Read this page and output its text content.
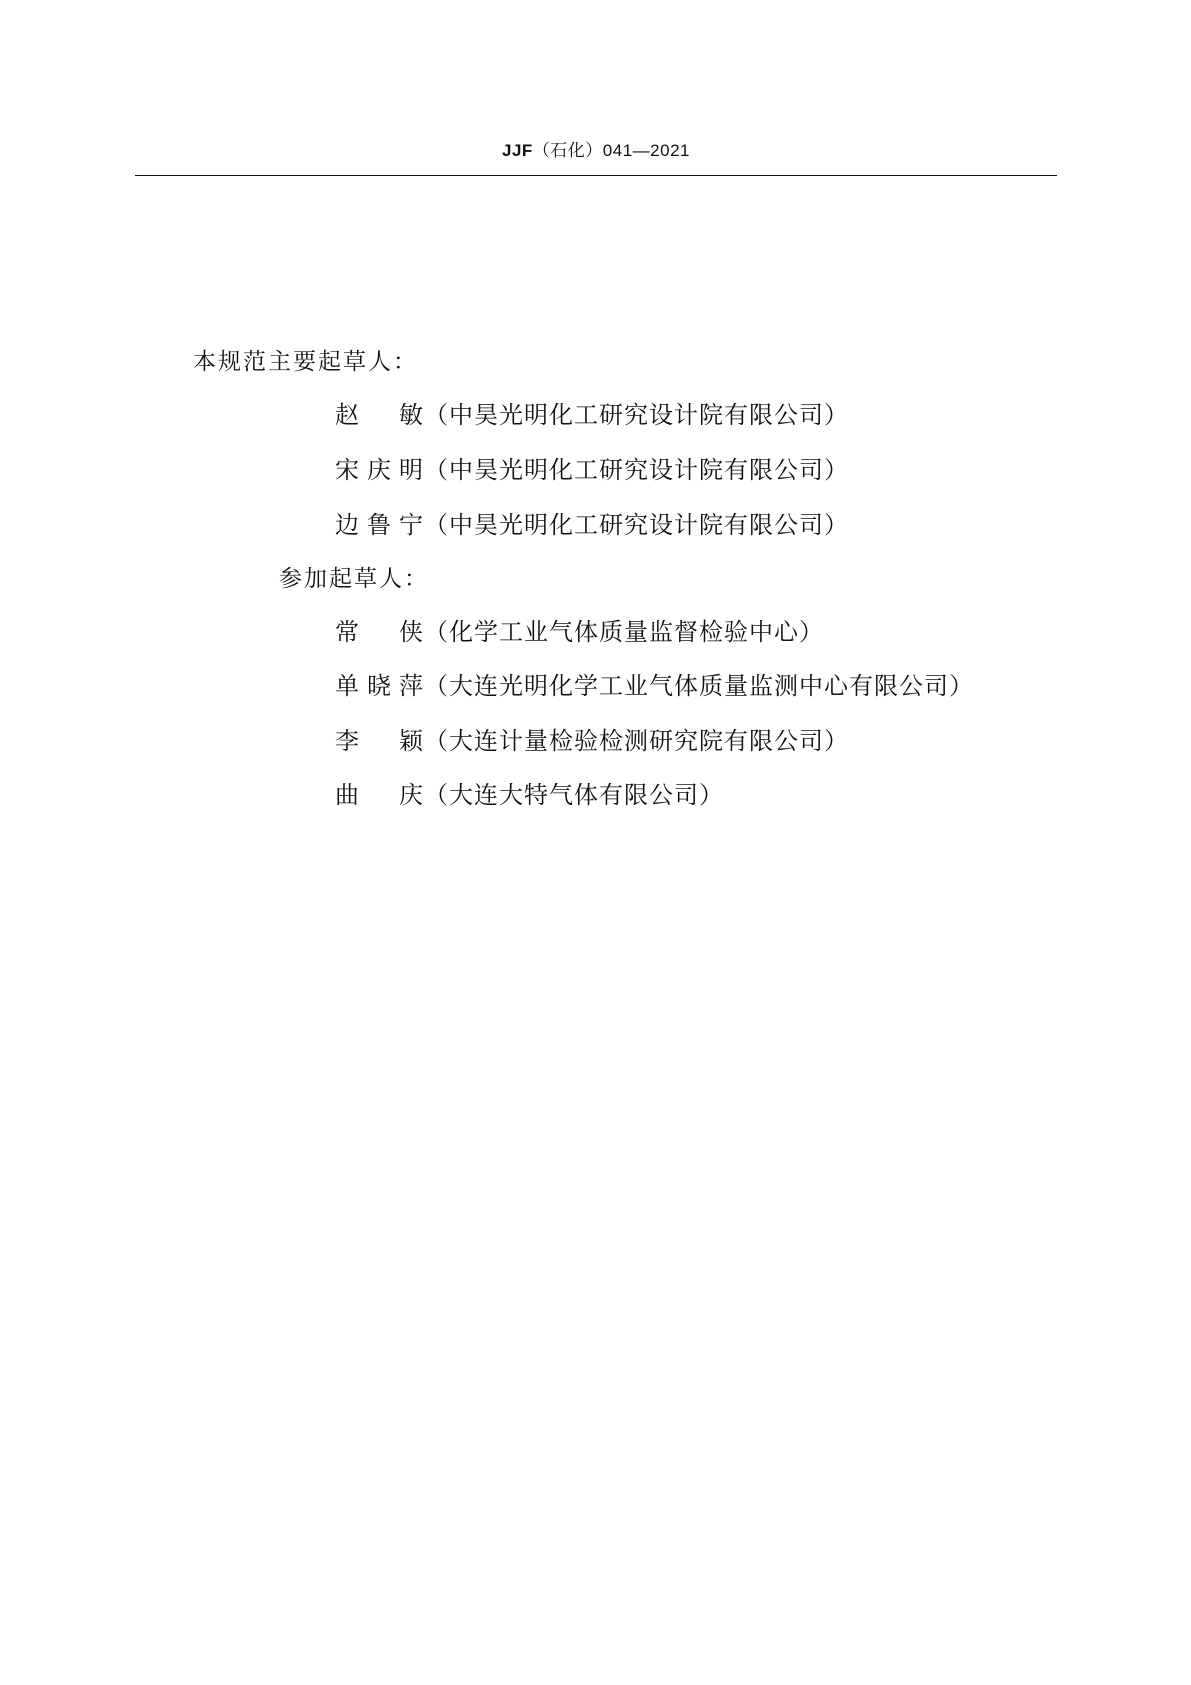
JJF（石化）041—2021
本规范主要起草人：
赵　敏（中昊光明化工研究设计院有限公司）
宋庆明（中昊光明化工研究设计院有限公司）
边鲁宁（中昊光明化工研究设计院有限公司）
参加起草人：
常　侠（化学工业气体质量监督检验中心）
单晓萍（大连光明化学工业气体质量监测中心有限公司）
李　颖（大连计量检验检测研究院有限公司）
曲　庆（大连大特气体有限公司）
